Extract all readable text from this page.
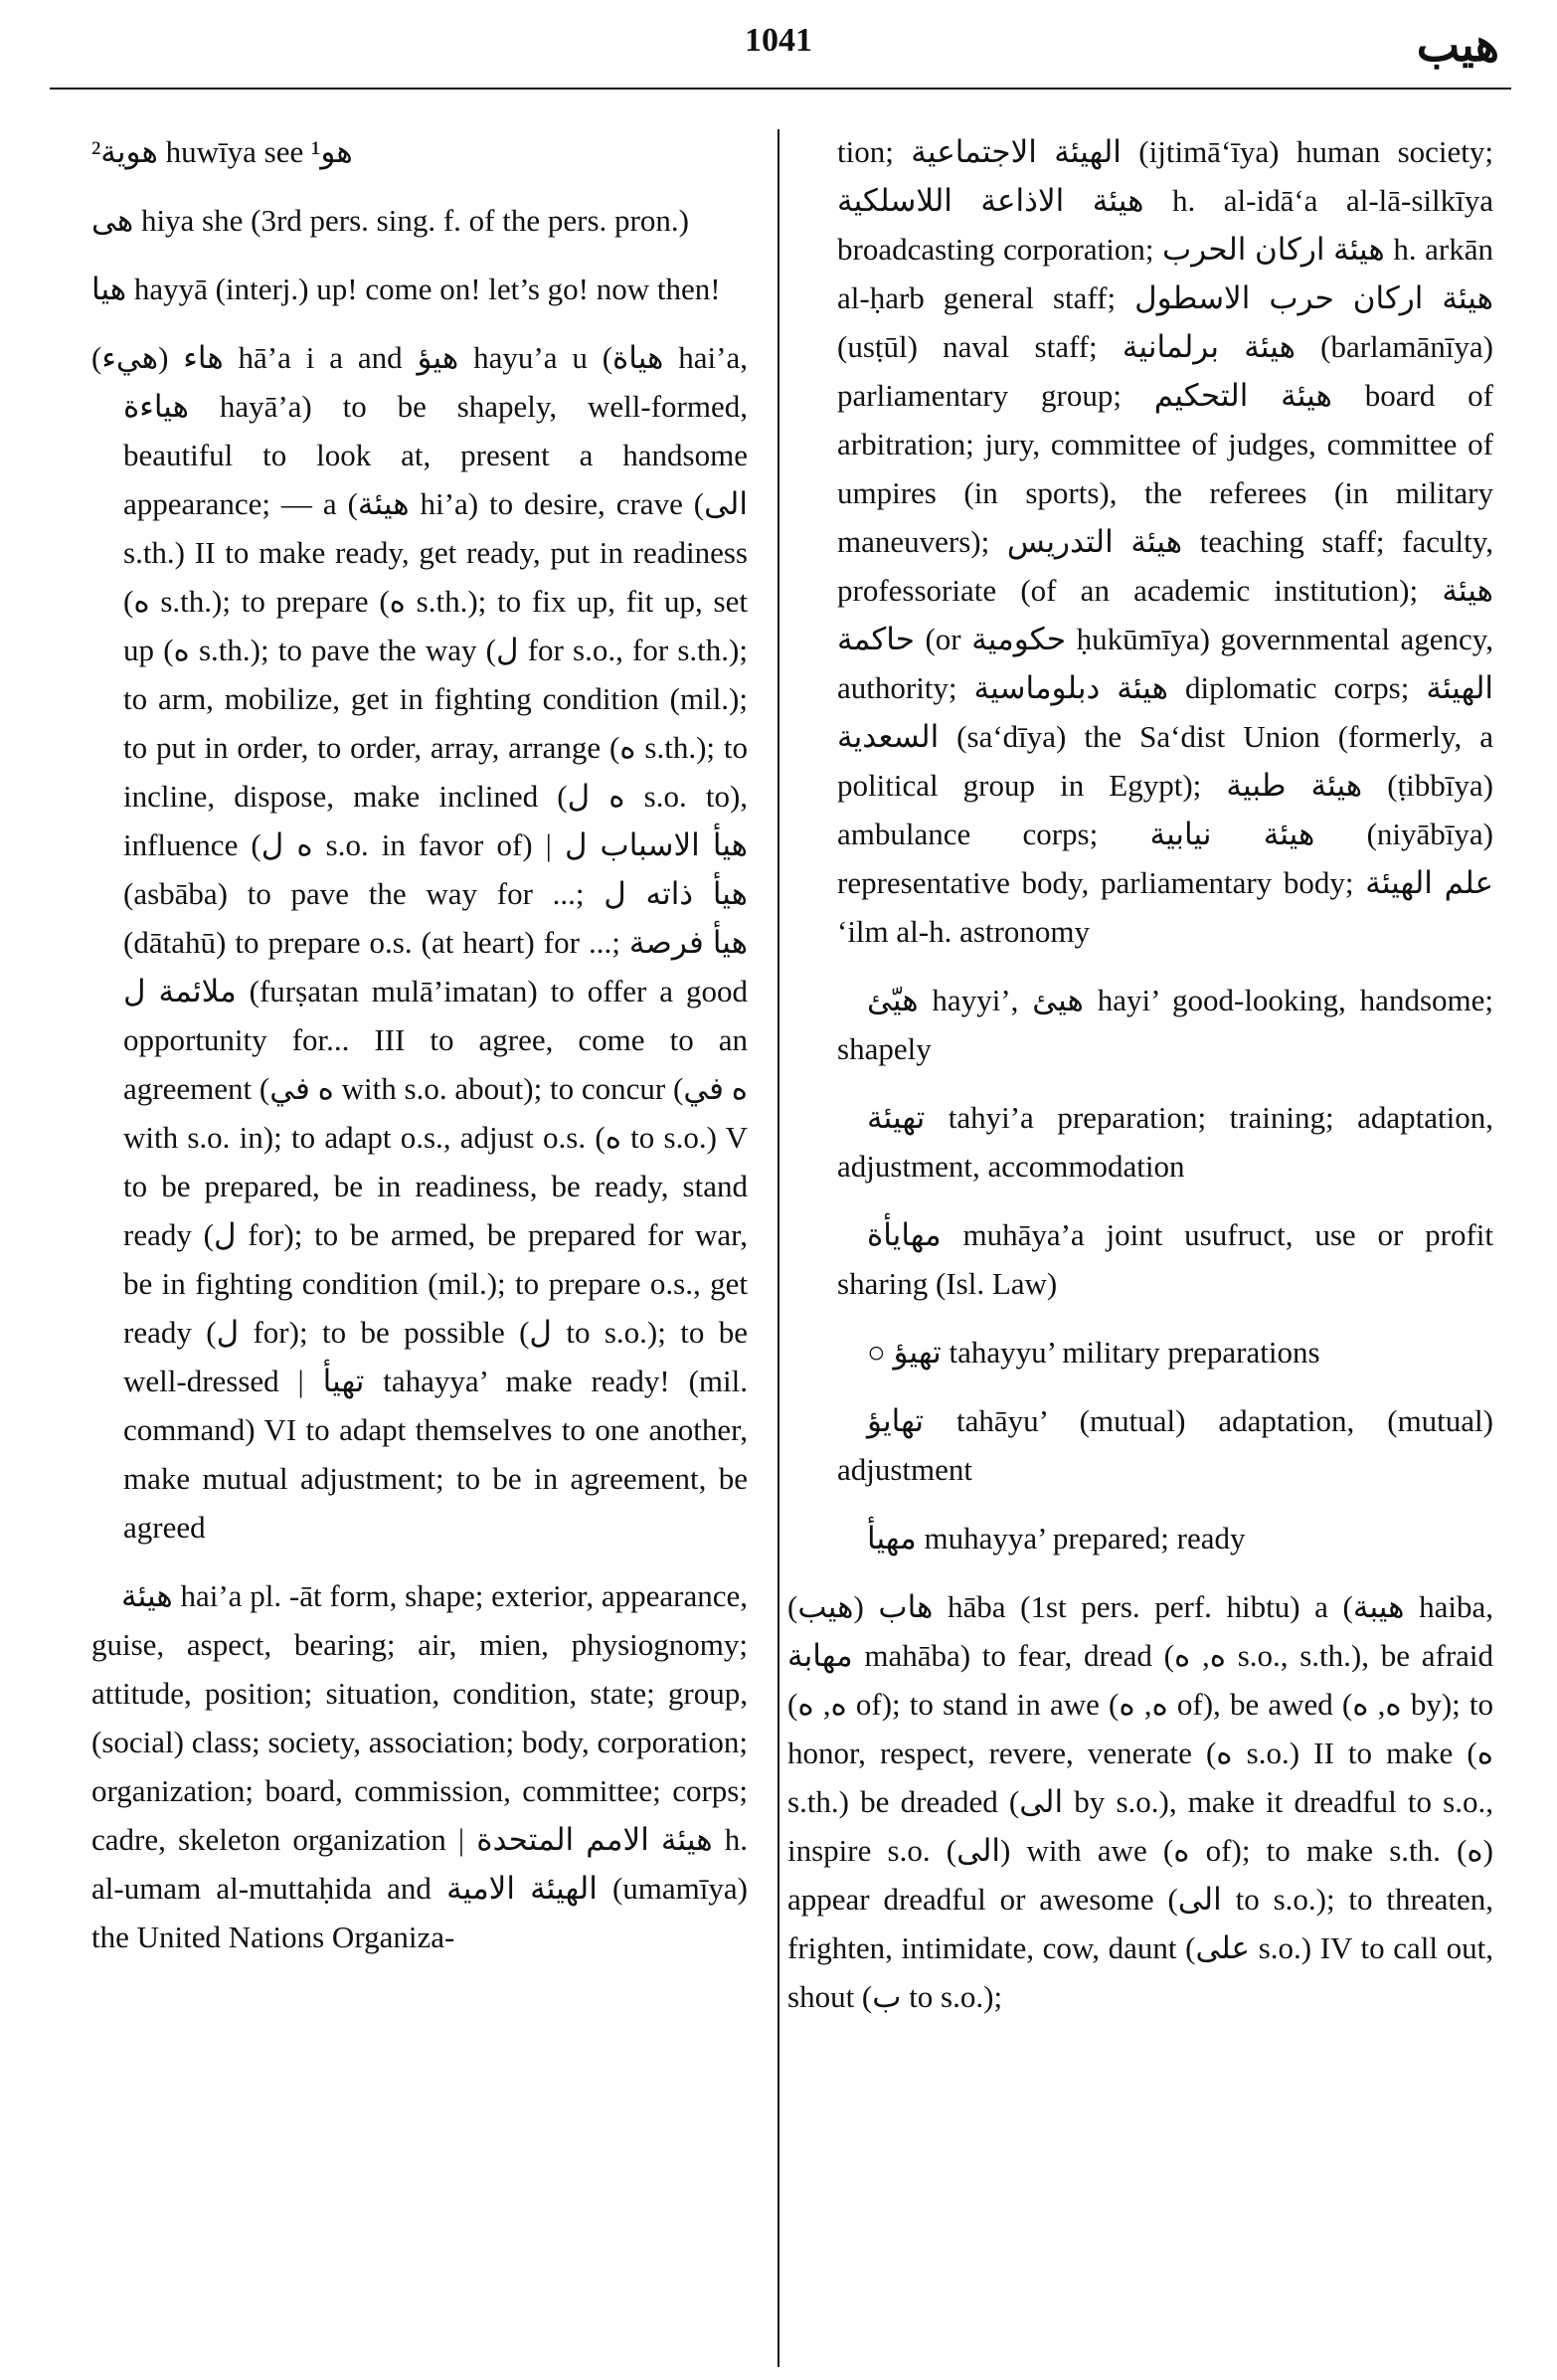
1041	هيب

²هوية huwīya see ¹هو

هى hiya she (3rd pers. sing. f. of the pers. pron.)

هيا hayyā (interj.) up! come on! let’s go! now then!

(هيء) هاء hā’a i a and هيؤ hayu’a u (هياة hai’a, هياءة hayā’a) to be shapely, well-formed, beautiful to look at, present a handsome appearance; — a (هيئة hi’a) to desire, crave (الى s.th.) II to make ready, get ready, put in readiness (ه s.th.); to prepare (ه s.th.); to fix up, fit up, set up (ه s.th.); to pave the way (ل for s.o., for s.th.); to arm, mobilize, get in fighting condition (mil.); to put in order, to order, array, arrange (ه s.th.); to incline, dispose, make inclined (ه ل s.o. to), influence (ه ل s.o. in favor of) | هيأ الاسباب ل (asbāba) to pave the way for ...; هيأ ذاته ل (dātahū) to prepare o.s. (at heart) for ...; هيأ فرصة ملائمة ل (furṣatan mulā’imatan) to offer a good opportunity for... III to agree, come to an agreement (ه في with s.o. about); to concur (ه في with s.o. in); to adapt o.s., adjust o.s. (ه to s.o.) V to be prepared, be in readiness, be ready, stand ready (ل for); to be armed, be prepared for war, be in fighting condition (mil.); to prepare o.s., get ready (ل for); to be possible (ل to s.o.); to be well-dressed | تهيأ tahayya’ make ready! (mil. command) VI to adapt themselves to one another, make mutual adjustment; to be in agreement, be agreed

هيئة hai’a pl. -āt form, shape; exterior, appearance, guise, aspect, bearing; air, mien, physiognomy; attitude, position; situation, condition, state; group, (social) class; society, association; body, corporation; organization; board, commission, committee; corps; cadre, skeleton organization | هيئة الامم المتحدة h. al-umam al-muttaḥida and الهيئة الامية (umamīya) the United Nations Organiza-

tion; الهيئة الاجتماعية (ijtimā‘īya) human society; هيئة الاذاعة اللاسلكية h. al-idā‘a al-lā-silkīya broadcasting corporation; هيئة اركان الحرب h. arkān al-ḥarb general staff; هيئة اركان حرب الاسطول (usṭūl) naval staff; هيئة برلمانية (barlamānīya) parliamentary group; هيئة التحكيم board of arbitration; jury, committee of judges, committee of umpires (in sports), the referees (in military maneuvers); هيئة التدريس teaching staff; faculty, professoriate (of an academic institution); هيئة حاكمة (or حكومية ḥukūmīya) governmental agency, authority; هيئة دبلوماسية diplomatic corps; الهيئة السعدية (sa‘dīya) the Sa‘dist Union (formerly, a political group in Egypt); هيئة طبية (ṭibbīya) ambulance corps; هيئة نيابية (niyābīya) representative body, parliamentary body; علم الهيئة ‘ilm al-h. astronomy

هيّئ hayyi’, هيئ hayi’ good-looking, handsome; shapely

تهيئة tahyi’a preparation; training; adaptation, adjustment, accommodation

مهايأة muhāya’a joint usufruct, use or profit sharing (Isl. Law)

○ تهيؤ tahayyu’ military preparations

تهايؤ tahāyu’ (mutual) adaptation, (mutual) adjustment

مهيأ muhayya’ prepared; ready

(هيب) هاب hāba (1st pers. perf. hibtu) a (هيبة haiba, مهابة mahāba) to fear, dread (ه, ه s.o., s.th.), be afraid (ه, ه of); to stand in awe (ه, ه of), be awed (ه, ه by); to honor, respect, revere, venerate (ه s.o.) II to make (ه s.th.) be dreaded (الى by s.o.), make it dreadful to s.o., inspire s.o. (الى) with awe (ه of); to make s.th. (ه) appear dreadful or awesome (الى to s.o.); to threaten, frighten, intimidate, cow, daunt (على s.o.) IV to call out, shout (ب to s.o.);
